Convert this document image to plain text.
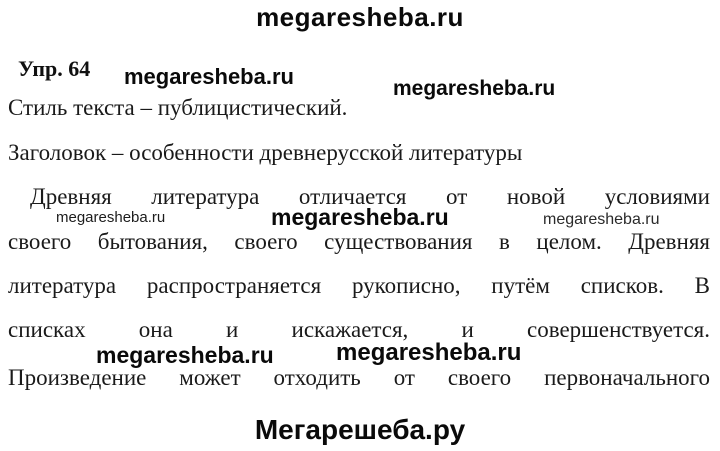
megaresheba.ru
Упр. 64 megaresheba.ru	megaresheba.ru
Стиль текста – публицистический.
Заголовок – особенности древнерусской литературы
Древняя литература отличается от новой условиями
megaresheba.ru	megaresheba.ru	megaresheba.ru
своего бытования, своего существования в целом. Древняя
литература распространяется рукописно, путём списков. В
списках она и искажается, и совершенствуется.
megaresheba.ru	megaresheba.ru
Произведение может отходить от своего первоначального
Мегарешеба.ру
